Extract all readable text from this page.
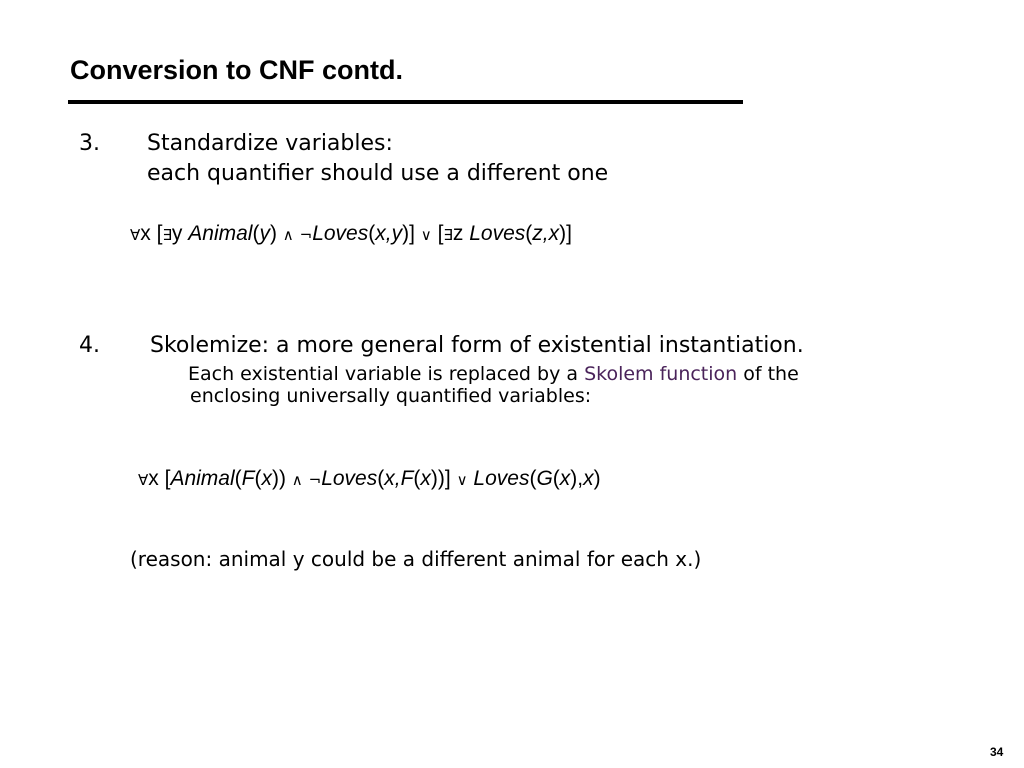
Conversion to CNF contd.
3. Standardize variables:
each quantifier should use a different one
∀x [∃y Animal(y) ∧ ¬Loves(x,y)] ∨ [∃z Loves(z,x)]
4. Skolemize: a more general form of existential instantiation.
Each existential variable is replaced by a Skolem function of the
enclosing universally quantified variables:
∀x [Animal(F(x)) ∧ ¬Loves(x,F(x))] ∨ Loves(G(x),x)
(reason: animal y could be a different animal for each x.)
34
